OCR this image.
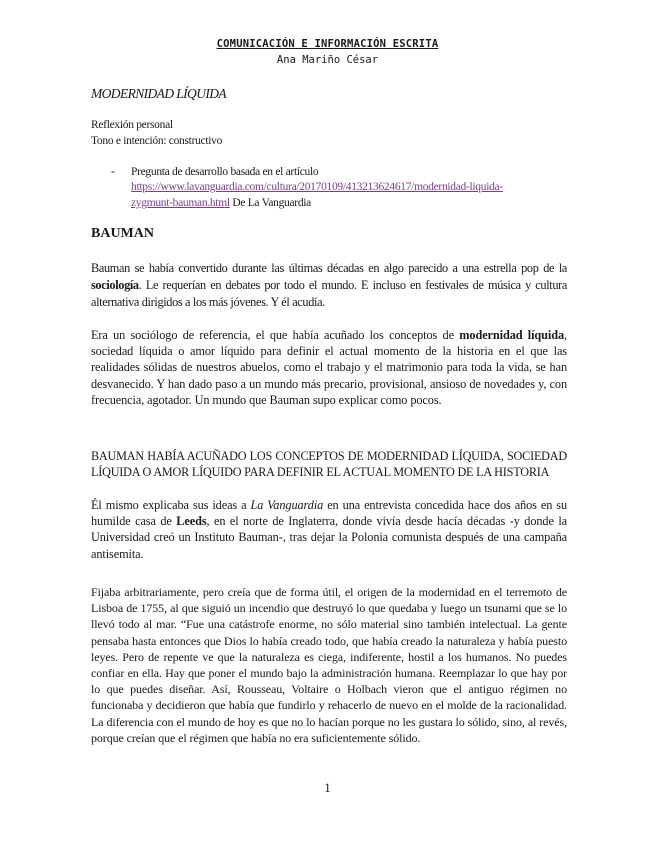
COMUNICACIÓN E INFORMACIÓN ESCRITA
Ana Mariño César
MODERNIDAD LÍQUIDA
Reflexión personal
Tono e intención: constructivo
- Pregunta de desarrollo basada en el artículo
https://www.lavanguardia.com/cultura/20170109/413213624617/modernidad-liquida-
zygmunt-bauman.html De La Vanguardia
BAUMAN
Bauman se había convertido durante las últimas décadas en algo parecido a una estrella pop de la sociología. Le requerían en debates por todo el mundo. E incluso en festivales de música y cultura alternativa dirigidos a los más jóvenes. Y él acudía.
Era un sociólogo de referencia, el que había acuñado los conceptos de modernidad líquida, sociedad líquida o amor líquido para definir el actual momento de la historia en el que las realidades sólidas de nuestros abuelos, como el trabajo y el matrimonio para toda la vida, se han desvanecido. Y han dado paso a un mundo más precario, provisional, ansioso de novedades y, con frecuencia, agotador. Un mundo que Bauman supo explicar como pocos.
BAUMAN HABÍA ACUÑADO LOS CONCEPTOS DE MODERNIDAD LÍQUIDA, SOCIEDAD LÍQUIDA O AMOR LÍQUIDO PARA DEFINIR EL ACTUAL MOMENTO DE LA HISTORIA
Él mismo explicaba sus ideas a La Vanguardia en una entrevista concedida hace dos años en su humilde casa de Leeds, en el norte de Inglaterra, donde vivía desde hacía décadas -y donde la Universidad creó un Instituto Bauman-, tras dejar la Polonia comunista después de una campaña antisemita.
Fijaba arbitrariamente, pero creía que de forma útil, el origen de la modernidad en el terremoto de Lisboa de 1755, al que siguió un incendio que destruyó lo que quedaba y luego un tsunami que se lo llevó todo al mar. “Fue una catástrofe enorme, no sólo material sino también intelectual. La gente pensaba hasta entonces que Dios lo había creado todo, que había creado la naturaleza y había puesto leyes. Pero de repente ve que la naturaleza es ciega, indiferente, hostil a los humanos. No puedes confiar en ella. Hay que poner el mundo bajo la administración humana. Reemplazar lo que hay por lo que puedes diseñar. Así, Rousseau, Voltaire o Holbach vieron que el antiguo régimen no funcionaba y decidieron que había que fundirlo y rehacerlo de nuevo en el molde de la racionalidad. La diferencia con el mundo de hoy es que no lo hacían porque no les gustara lo sólido, sino, al revés, porque creían que el régimen que había no era suficientemente sólido.
1
